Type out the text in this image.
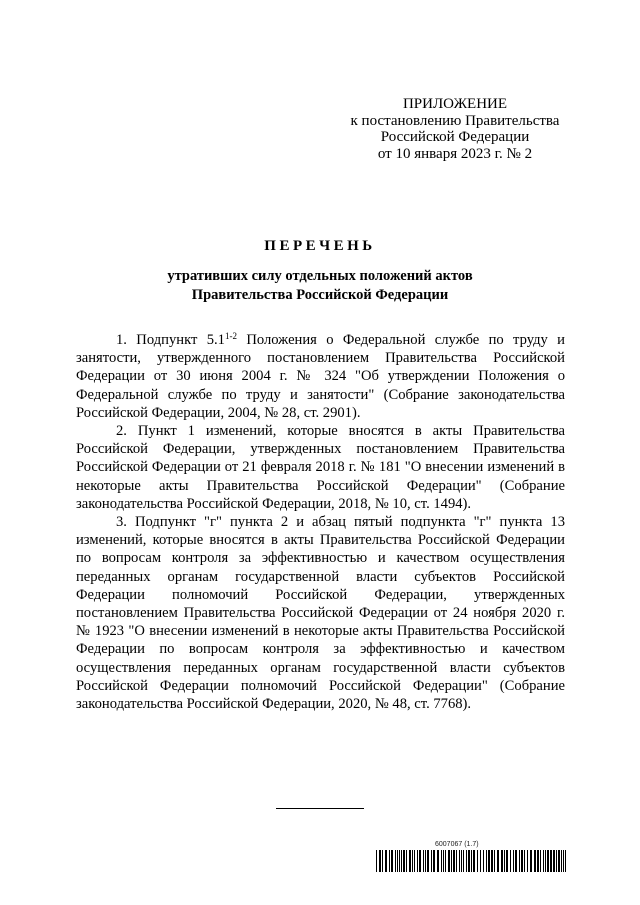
ПРИЛОЖЕНИЕ
к постановлению Правительства
Российской Федерации
от 10 января 2023 г. № 2
ПЕРЕЧЕНЬ
утративших силу отдельных положений актов
Правительства Российской Федерации

1. Подпункт 5.1$^{1-2}$ Положения о Федеральной службе по труду и занятости, утвержденного постановлением Правительства Российской Федерации от 30 июня 2004 г. № 324 "Об утверждении Положения о Федеральной службе по труду и занятости" (Собрание законодательства Российской Федерации, 2004, № 28, ст. 2901).

2. Пункт 1 изменений, которые вносятся в акты Правительства Российской Федерации, утвержденных постановлением Правительства Российской Федерации от 21 февраля 2018 г. № 181 "О внесении изменений в некоторые акты Правительства Российской Федерации" (Собрание законодательства Российской Федерации, 2018, № 10, ст. 1494).

3. Подпункт "г" пункта 2 и абзац пятый подпункта "г" пункта 13 изменений, которые вносятся в акты Правительства Российской Федерации по вопросам контроля за эффективностью и качеством осуществления переданных органам государственной власти субъектов Российской Федерации полномочий Российской Федерации, утвержденных постановлением Правительства Российской Федерации от 24 ноября 2020 г. № 1923 "О внесении изменений в некоторые акты Правительства Российской Федерации по вопросам контроля за эффективностью и качеством осуществления переданных органам государственной власти субъектов Российской Федерации полномочий Российской Федерации" (Собрание законодательства Российской Федерации, 2020, № 48, ст. 7768).

6007067 (1.7)
